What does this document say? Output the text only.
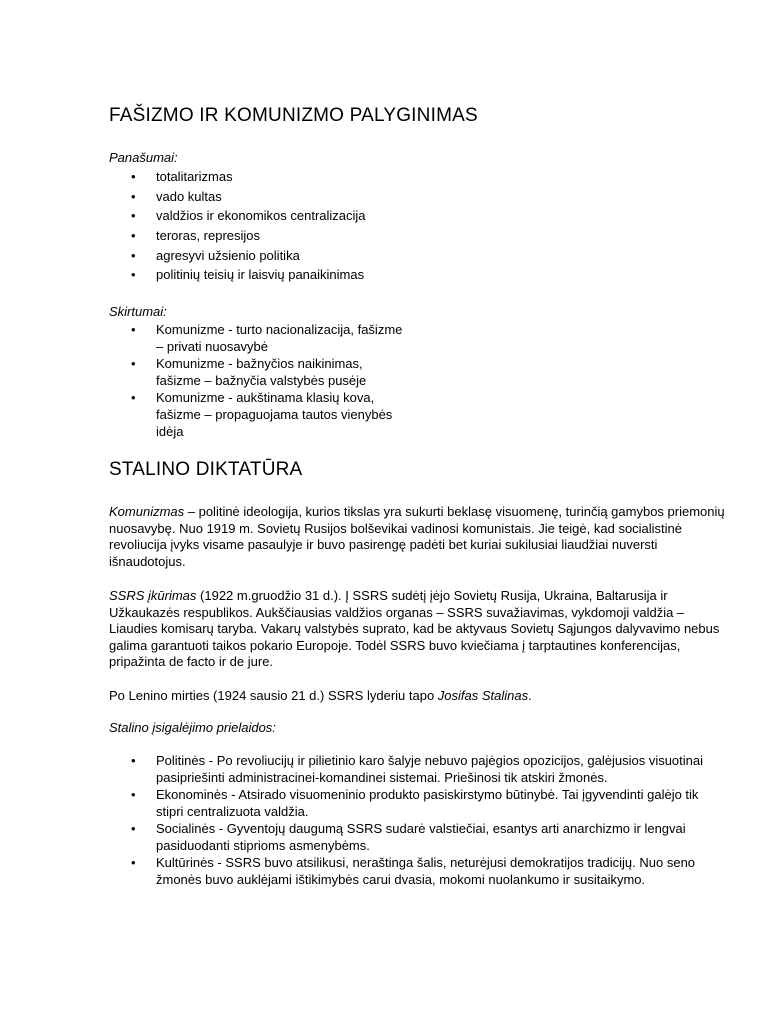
FAŠIZMO IR KOMUNIZMO PALYGINIMAS

Panašumai:

• totalitarizmas
• vado kultas
• valdžios ir ekonomikos centralizacija
• teroras, represijos
• agresyvi užsienio politika
• politinių teisių ir laisvių panaikinimas

Skirtumai:

• Komunizme - turto nacionalizacija, fašizme – privati nuosavybė
• Komunizme - bažnyčios naikinimas, fašizme – bažnyčia valstybės pusėje
• Komunizme - aukštinama klasių kova, fašizme – propaguojama tautos vienybės idėja
STALINO DIKTATŪRA

Komunizmas – politinė ideologija, kurios tikslas yra sukurti beklasę visuomenę, turinčią gamybos priemonių nuosavybę. Nuo 1919 m. Sovietų Rusijos bolševikai vadinosi komunistais. Jie teigė, kad socialistinė revoliucija įvyks visame pasaulyje ir buvo pasirengę padėti bet kuriai sukilusiai liaudžiai nuversti išnaudotojus.

SSRS įkūrimas (1922 m.gruodžio 31 d.). Į SSRS sudėtį įėjo Sovietų Rusija, Ukraina, Baltarusija ir Užkaukazės respublikos. Aukščiausias valdžios organas – SSRS suvažiavimas, vykdomoji valdžia – Liaudies komisarų taryba. Vakarų valstybės suprato, kad be aktyvaus Sovietų Sąjungos dalyvavimo nebus galima garantuoti taikos pokario Europoje. Todėl SSRS buvo kviečiama į tarptautines konferencijas, pripažinta de facto ir de jure.

Po Lenino mirties (1924 sausio 21 d.) SSRS lyderiu tapo Josifas Stalinas.

Stalino įsigalėjimo prielaidos:

• Politinės - Po revoliucijų ir pilietinio karo šalyje nebuvo pajėgios opozicijos, galėjusios visuotinai pasipriešinti administracinei-komandinei sistemai. Priešinosi tik atskiri žmonės.
• Ekonominės - Atsirado visuomeninio produkto pasiskirstymo būtinybė. Tai įgyvendinti galėjo tik stipri centralizuota valdžia.
• Socialinės - Gyventojų daugumą SSRS sudarė valstiečiai, esantys arti anarchizmo ir lengvai pasiduodanti stiprioms asmenybėms.
• Kultūrinės - SSRS buvo atsilikusi, neraštinga šalis, neturėjusi demokratijos tradicijų. Nuo seno žmonės buvo auklėjami ištikimybės carui dvasia, mokomi nuolankumo ir susitaikymo.
